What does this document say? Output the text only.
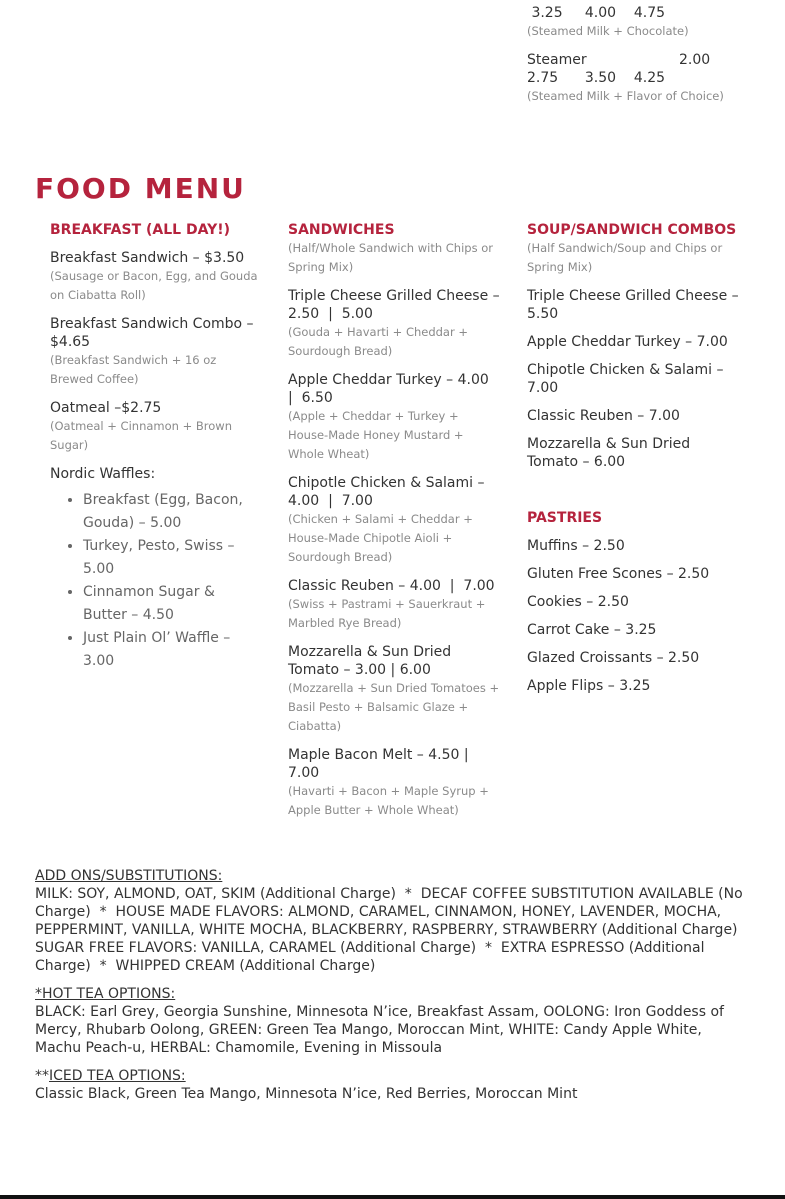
3.25     4.00    4.75
(Steamed Milk + Chocolate)
Steamer	2.00
2.75      3.50    4.25
(Steamed Milk + Flavor of Choice)
FOOD MENU
BREAKFAST (ALL DAY!)
Breakfast Sandwich – $3.50
(Sausage or Bacon, Egg, and Gouda on Ciabatta Roll)
Breakfast Sandwich Combo –  $4.65
(Breakfast Sandwich + 16 oz Brewed Coffee)
Oatmeal –$2.75
(Oatmeal + Cinnamon + Brown Sugar)
Nordic Waffles:
• Breakfast (Egg, Bacon, Gouda) – 5.00
• Turkey, Pesto, Swiss –  5.00
• Cinnamon Sugar & Butter – 4.50
• Just Plain Ol’ Waffle – 3.00
SANDWICHES
(Half/Whole Sandwich with Chips or Spring Mix)
Triple Cheese Grilled Cheese – 2.50  |  5.00
(Gouda + Havarti + Cheddar + Sourdough Bread)
Apple Cheddar Turkey – 4.00  |  6.50
(Apple + Cheddar + Turkey + House-Made Honey Mustard + Whole Wheat)
Chipotle Chicken & Salami – 4.00  |  7.00
(Chicken + Salami + Cheddar + House-Made Chipotle Aioli + Sourdough Bread)
Classic Reuben – 4.00  |  7.00
(Swiss + Pastrami + Sauerkraut + Marbled Rye Bread)
Mozzarella & Sun Dried Tomato – 3.00 | 6.00
(Mozzarella + Sun Dried Tomatoes + Basil Pesto + Balsamic Glaze + Ciabatta)
Maple Bacon Melt – 4.50 | 7.00
(Havarti + Bacon + Maple Syrup + Apple Butter + Whole Wheat)
SOUP/SANDWICH COMBOS
(Half Sandwich/Soup and Chips or Spring Mix)
Triple Cheese Grilled Cheese – 5.50
Apple Cheddar Turkey – 7.00
Chipotle Chicken & Salami – 7.00
Classic Reuben – 7.00
Mozzarella & Sun Dried Tomato – 6.00
PASTRIES
Muffins – 2.50
Gluten Free Scones – 2.50
Cookies – 2.50
Carrot Cake – 3.25
Glazed Croissants – 2.50
Apple Flips – 3.25
ADD ONS/SUBSTITUTIONS:
MILK: SOY, ALMOND, OAT, SKIM (Additional Charge)  *  DECAF COFFEE SUBSTITUTION AVAILABLE (No Charge)  *  HOUSE MADE FLAVORS: ALMOND, CARAMEL, CINNAMON, HONEY, LAVENDER, MOCHA, PEPPERMINT, VANILLA, WHITE MOCHA, BLACKBERRY, RASPBERRY, STRAWBERRY (Additional Charge) SUGAR FREE FLAVORS: VANILLA, CARAMEL (Additional Charge)  *  EXTRA ESPRESSO (Additional Charge)  *  WHIPPED CREAM (Additional Charge)
*HOT TEA OPTIONS:
BLACK: Earl Grey, Georgia Sunshine, Minnesota N’ice, Breakfast Assam, OOLONG: Iron Goddess of Mercy, Rhubarb Oolong, GREEN: Green Tea Mango, Moroccan Mint, WHITE: Candy Apple White, Machu Peach-u, HERBAL: Chamomile, Evening in Missoula
**ICED TEA OPTIONS:
Classic Black, Green Tea Mango, Minnesota N’ice, Red Berries, Moroccan Mint
